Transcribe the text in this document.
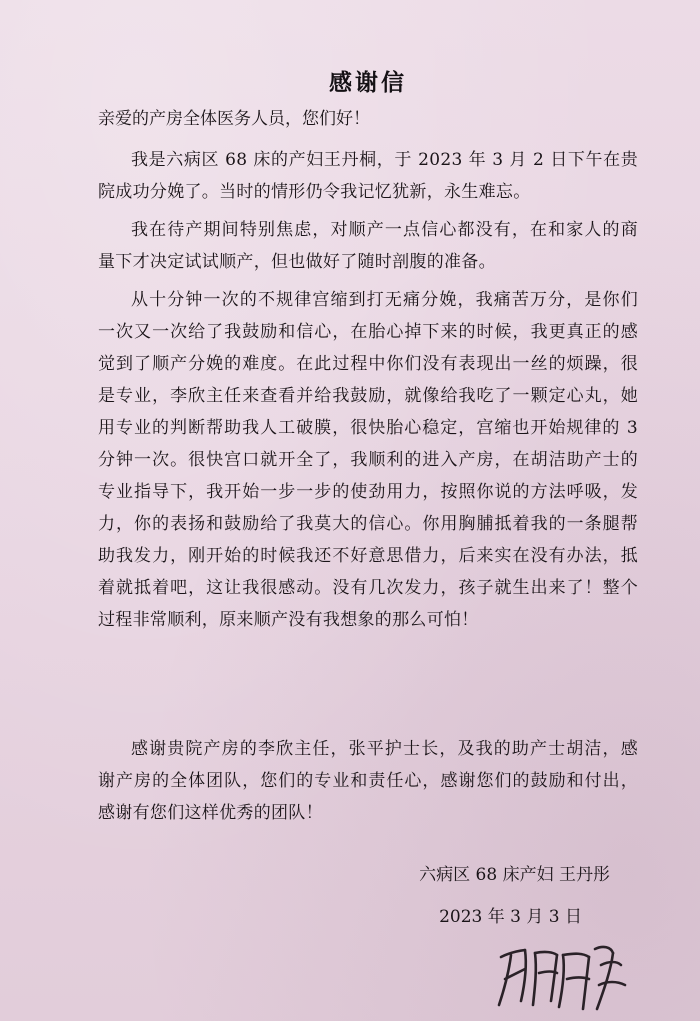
感谢信
亲爱的产房全体医务人员，您们好！
我是六病区 68 床的产妇王丹桐，于 2023 年 3 月 2 日下午在贵
院成功分娩了。当时的情形仍令我记忆犹新，永生难忘。
我在待产期间特别焦虑，对顺产一点信心都没有，在和家人的商
量下才决定试试顺产，但也做好了随时剖腹的准备。
从十分钟一次的不规律宫缩到打无痛分娩，我痛苦万分，是你们
一次又一次给了我鼓励和信心，在胎心掉下来的时候，我更真正的感
觉到了顺产分娩的难度。在此过程中你们没有表现出一丝的烦躁，很
是专业，李欣主任来查看并给我鼓励，就像给我吃了一颗定心丸，她
用专业的判断帮助我人工破膜，很快胎心稳定，宫缩也开始规律的 3
分钟一次。很快宫口就开全了，我顺利的进入产房，在胡洁助产士的
专业指导下，我开始一步一步的使劲用力，按照你说的方法呼吸，发
力，你的表扬和鼓励给了我莫大的信心。你用胸脯抵着我的一条腿帮
助我发力，刚开始的时候我还不好意思借力，后来实在没有办法，抵
着就抵着吧，这让我很感动。没有几次发力，孩子就生出来了！整个
过程非常顺利，原来顺产没有我想象的那么可怕！
感谢贵院产房的李欣主任，张平护士长，及我的助产士胡洁，感
谢产房的全体团队，您们的专业和责任心，感谢您们的鼓励和付出，
感谢有您们这样优秀的团队！
六病区 68 床产妇 王丹彤
2023 年 3 月 3 日
